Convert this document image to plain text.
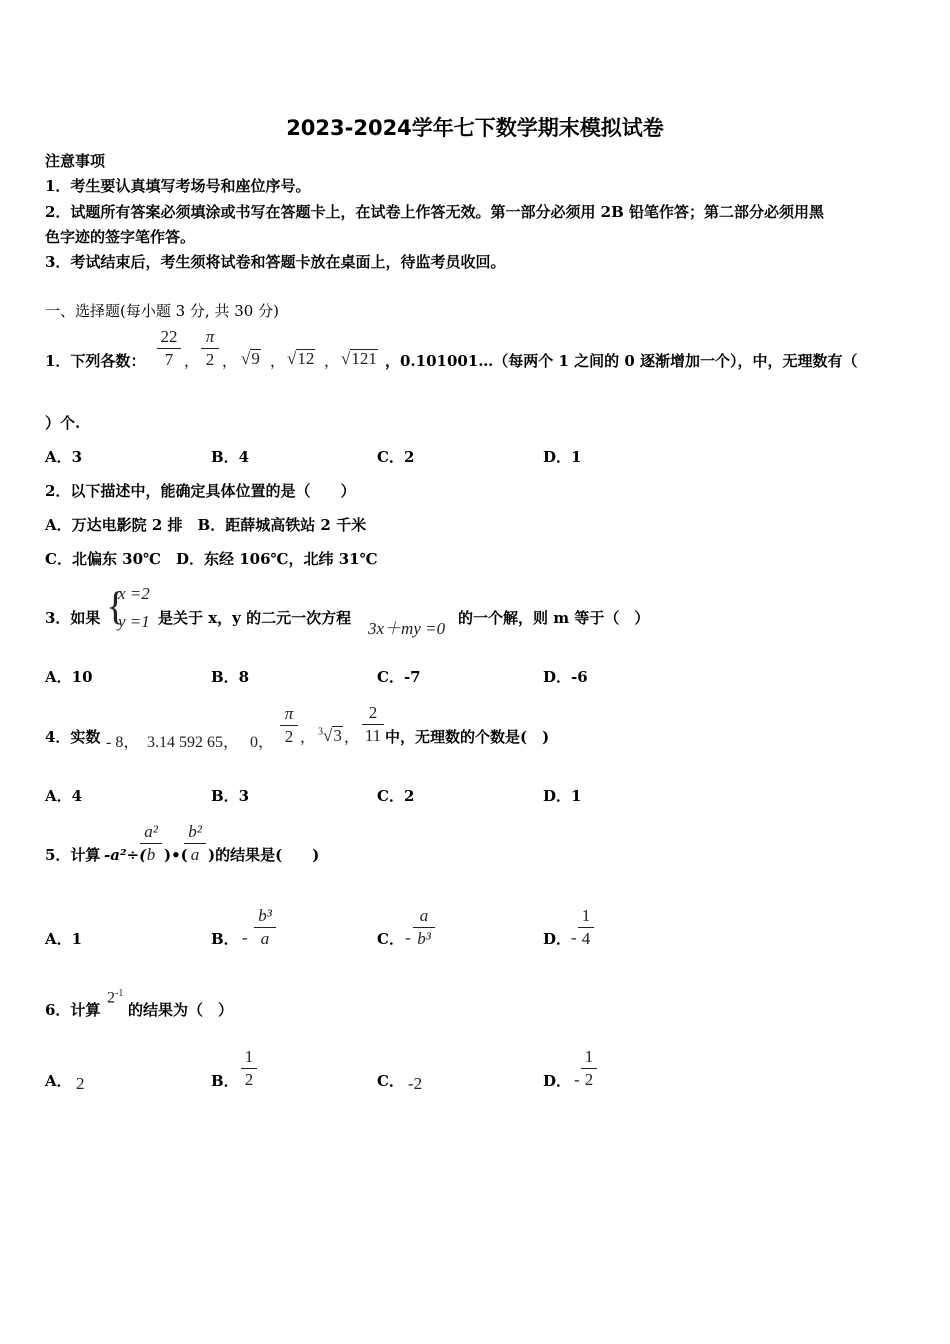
2023-2024学年七下数学期末模拟试卷
注意事项
1．考生要认真填写考场号和座位序号。
2．试题所有答案必须填涂或书写在答题卡上，在试卷上作答无效。第一部分必须用 2B 铅笔作答；第二部分必须用黑
色字迹的签字笔作答。
3．考试结束后，考生须将试卷和答题卡放在桌面上，待监考员收回。
一、选择题(每小题 3 分, 共 30 分)
1．下列各数：
22
7 ，
π
2 ， √9 ， √12 ， √121 ，0.101001…（每两个 1 之间的 0 逐渐增加一个），中，无理数有（
）个.
A．3	B．4	C．2	D．1
2．以下描述中，能确定具体位置的是（　　）
A．万达电影院 2 排　B．距薛城高铁站 2 千米
C．北偏东 30℃　D．东经 106℃，北纬 31℃
3．如果 {
x =2
y =1 是关于 x，y 的二元一次方程
3x＋my =0
的一个解，则 m 等于（　）
A．10	B．8	C．-7	D．-6
4．实数 - 8， 3.14 592 65， 0，
π
2 ， $^3$√3 ，
2
11 中，无理数的个数是(　)
A．4	B．3	C．2	D．1
5．计算 -a²÷(
a²
b )•(
b²
a )的结果是(　　)
A．1	B． -
b³
a	C． -
a
b³	D． -
1
4
6．计算
$2^{-1}$
的结果为（　）
A． 2	B．
1
2	C． -2	D． -
1
2
